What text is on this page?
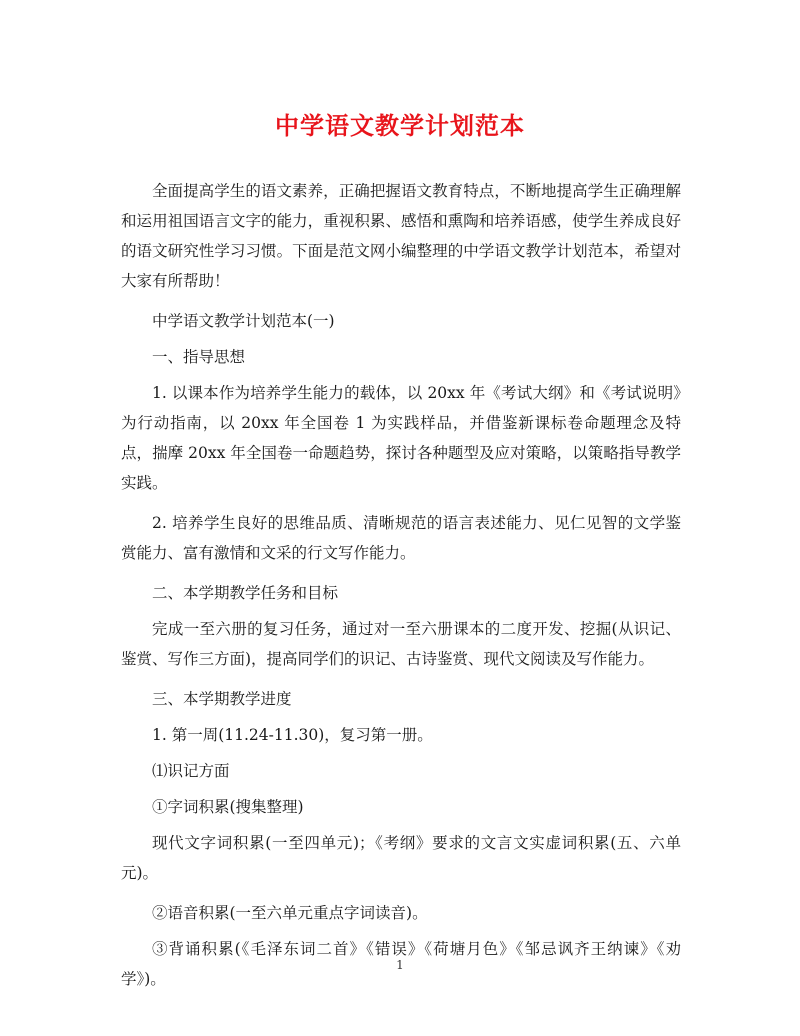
中学语文教学计划范本

全面提高学生的语文素养，正确把握语文教育特点，不断地提高学生正确理解和运用祖国语言文字的能力，重视积累、感悟和熏陶和培养语感，使学生养成良好的语文研究性学习习惯。下面是范文网小编整理的中学语文教学计划范本，希望对大家有所帮助！

中学语文教学计划范本(一)

一、指导思想

1. 以课本作为培养学生能力的载体，以 20xx 年《考试大纲》和《考试说明》为行动指南，以 20xx 年全国卷 1 为实践样品，并借鉴新课标卷命题理念及特点，揣摩 20xx 年全国卷一命题趋势，探讨各种题型及应对策略，以策略指导教学实践。

2. 培养学生良好的思维品质、清晰规范的语言表述能力、见仁见智的文学鉴赏能力、富有激情和文采的行文写作能力。

二、本学期教学任务和目标

完成一至六册的复习任务，通过对一至六册课本的二度开发、挖掘(从识记、鉴赏、写作三方面)，提高同学们的识记、古诗鉴赏、现代文阅读及写作能力。

三、本学期教学进度

1. 第一周(11.24-11.30)，复习第一册。

⑴识记方面

①字词积累(搜集整理)

现代文字词积累(一至四单元)；《考纲》要求的文言文实虚词积累(五、六单元)。

②语音积累(一至六单元重点字词读音)。

③背诵积累(《毛泽东词二首》《错误》《荷塘月色》《邹忌讽齐王纳谏》《劝学》)。

1
